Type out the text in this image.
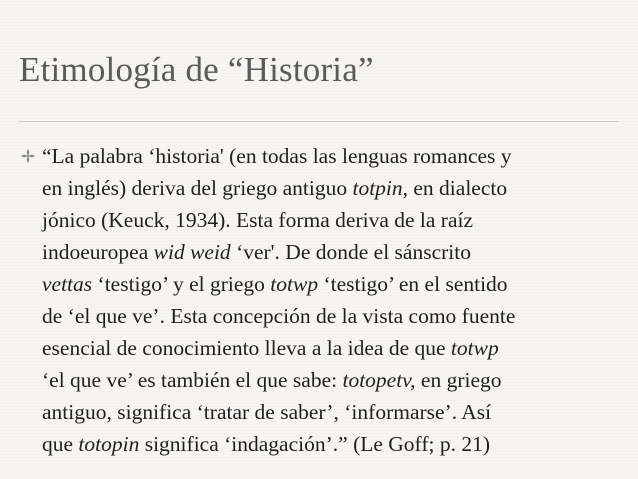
Etimología de “Historia”
“La palabra ‘historia' (en todas las lenguas romances y
en inglés) deriva del griego antiguo totpin, en dialecto
jónico (Keuck, 1934). Esta forma deriva de la raíz
indoeuropea wid weid ‘ver'. De donde el sánscrito
vettas ‘testigo’ y el griego totwp ‘testigo’ en el sentido
de ‘el que ve’. Esta concepción de la vista como fuente
esencial de conocimiento lleva a la idea de que totwp
‘el que ve’ es también el que sabe: totopetv, en griego
antiguo, significa ‘tratar de saber’, ‘informarse’. Así
que totopin significa ‘indagación’.” (Le Goff; p. 21)
